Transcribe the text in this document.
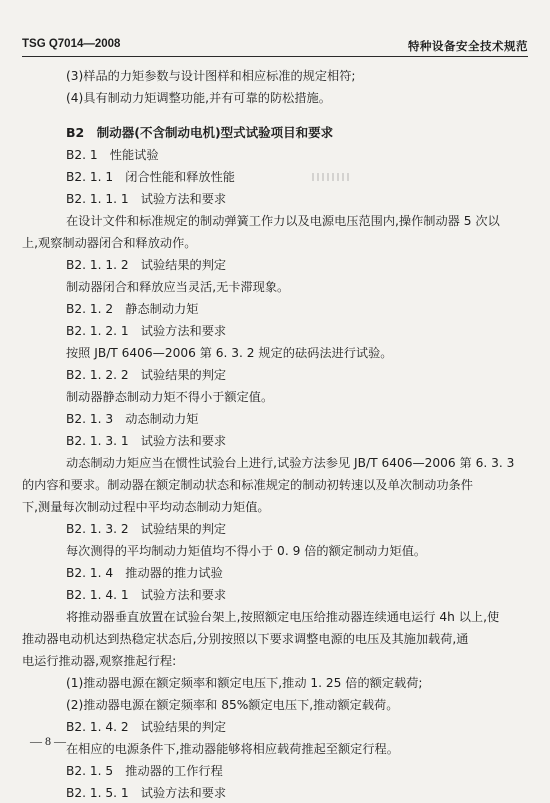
TSG Q7014—2008	特种设备安全技术规范
(3)样品的力矩参数与设计图样和相应标准的规定相符;
(4)具有制动力矩调整功能,并有可靠的防松措施。
B2　制动器(不含制动电机)型式试验项目和要求
B2. 1　性能试验
B2. 1. 1　闭合性能和释放性能
B2. 1. 1. 1　试验方法和要求
在设计文件和标准规定的制动弹簧工作力以及电源电压范围内,操作制动器 5 次以
上,观察制动器闭合和释放动作。
B2. 1. 1. 2　试验结果的判定
制动器闭合和释放应当灵活,无卡滞现象。
B2. 1. 2　静态制动力矩
B2. 1. 2. 1　试验方法和要求
按照 JB/T 6406—2006 第 6. 3. 2 规定的砝码法进行试验。
B2. 1. 2. 2　试验结果的判定
制动器静态制动力矩不得小于额定值。
B2. 1. 3　动态制动力矩
B2. 1. 3. 1　试验方法和要求
动态制动力矩应当在惯性试验台上进行,试验方法参见 JB/T 6406—2006 第 6. 3. 3
的内容和要求。制动器在额定制动状态和标准规定的制动初转速以及单次制动功条件
下,测量每次制动过程中平均动态制动力矩值。
B2. 1. 3. 2　试验结果的判定
每次测得的平均制动力矩值均不得小于 0. 9 倍的额定制动力矩值。
B2. 1. 4　推动器的推力试验
B2. 1. 4. 1　试验方法和要求
将推动器垂直放置在试验台架上,按照额定电压给推动器连续通电运行 4h 以上,使
推动器电动机达到热稳定状态后,分别按照以下要求调整电源的电压及其施加载荷,通
电运行推动器,观察推起行程:
(1)推动器电源在额定频率和额定电压下,推动 1. 25 倍的额定载荷;
(2)推动器电源在额定频率和 85%额定电压下,推动额定载荷。
B2. 1. 4. 2　试验结果的判定
在相应的电源条件下,推动器能够将相应载荷推起至额定行程。
B2. 1. 5　推动器的工作行程
B2. 1. 5. 1　试验方法和要求
— 8 —
